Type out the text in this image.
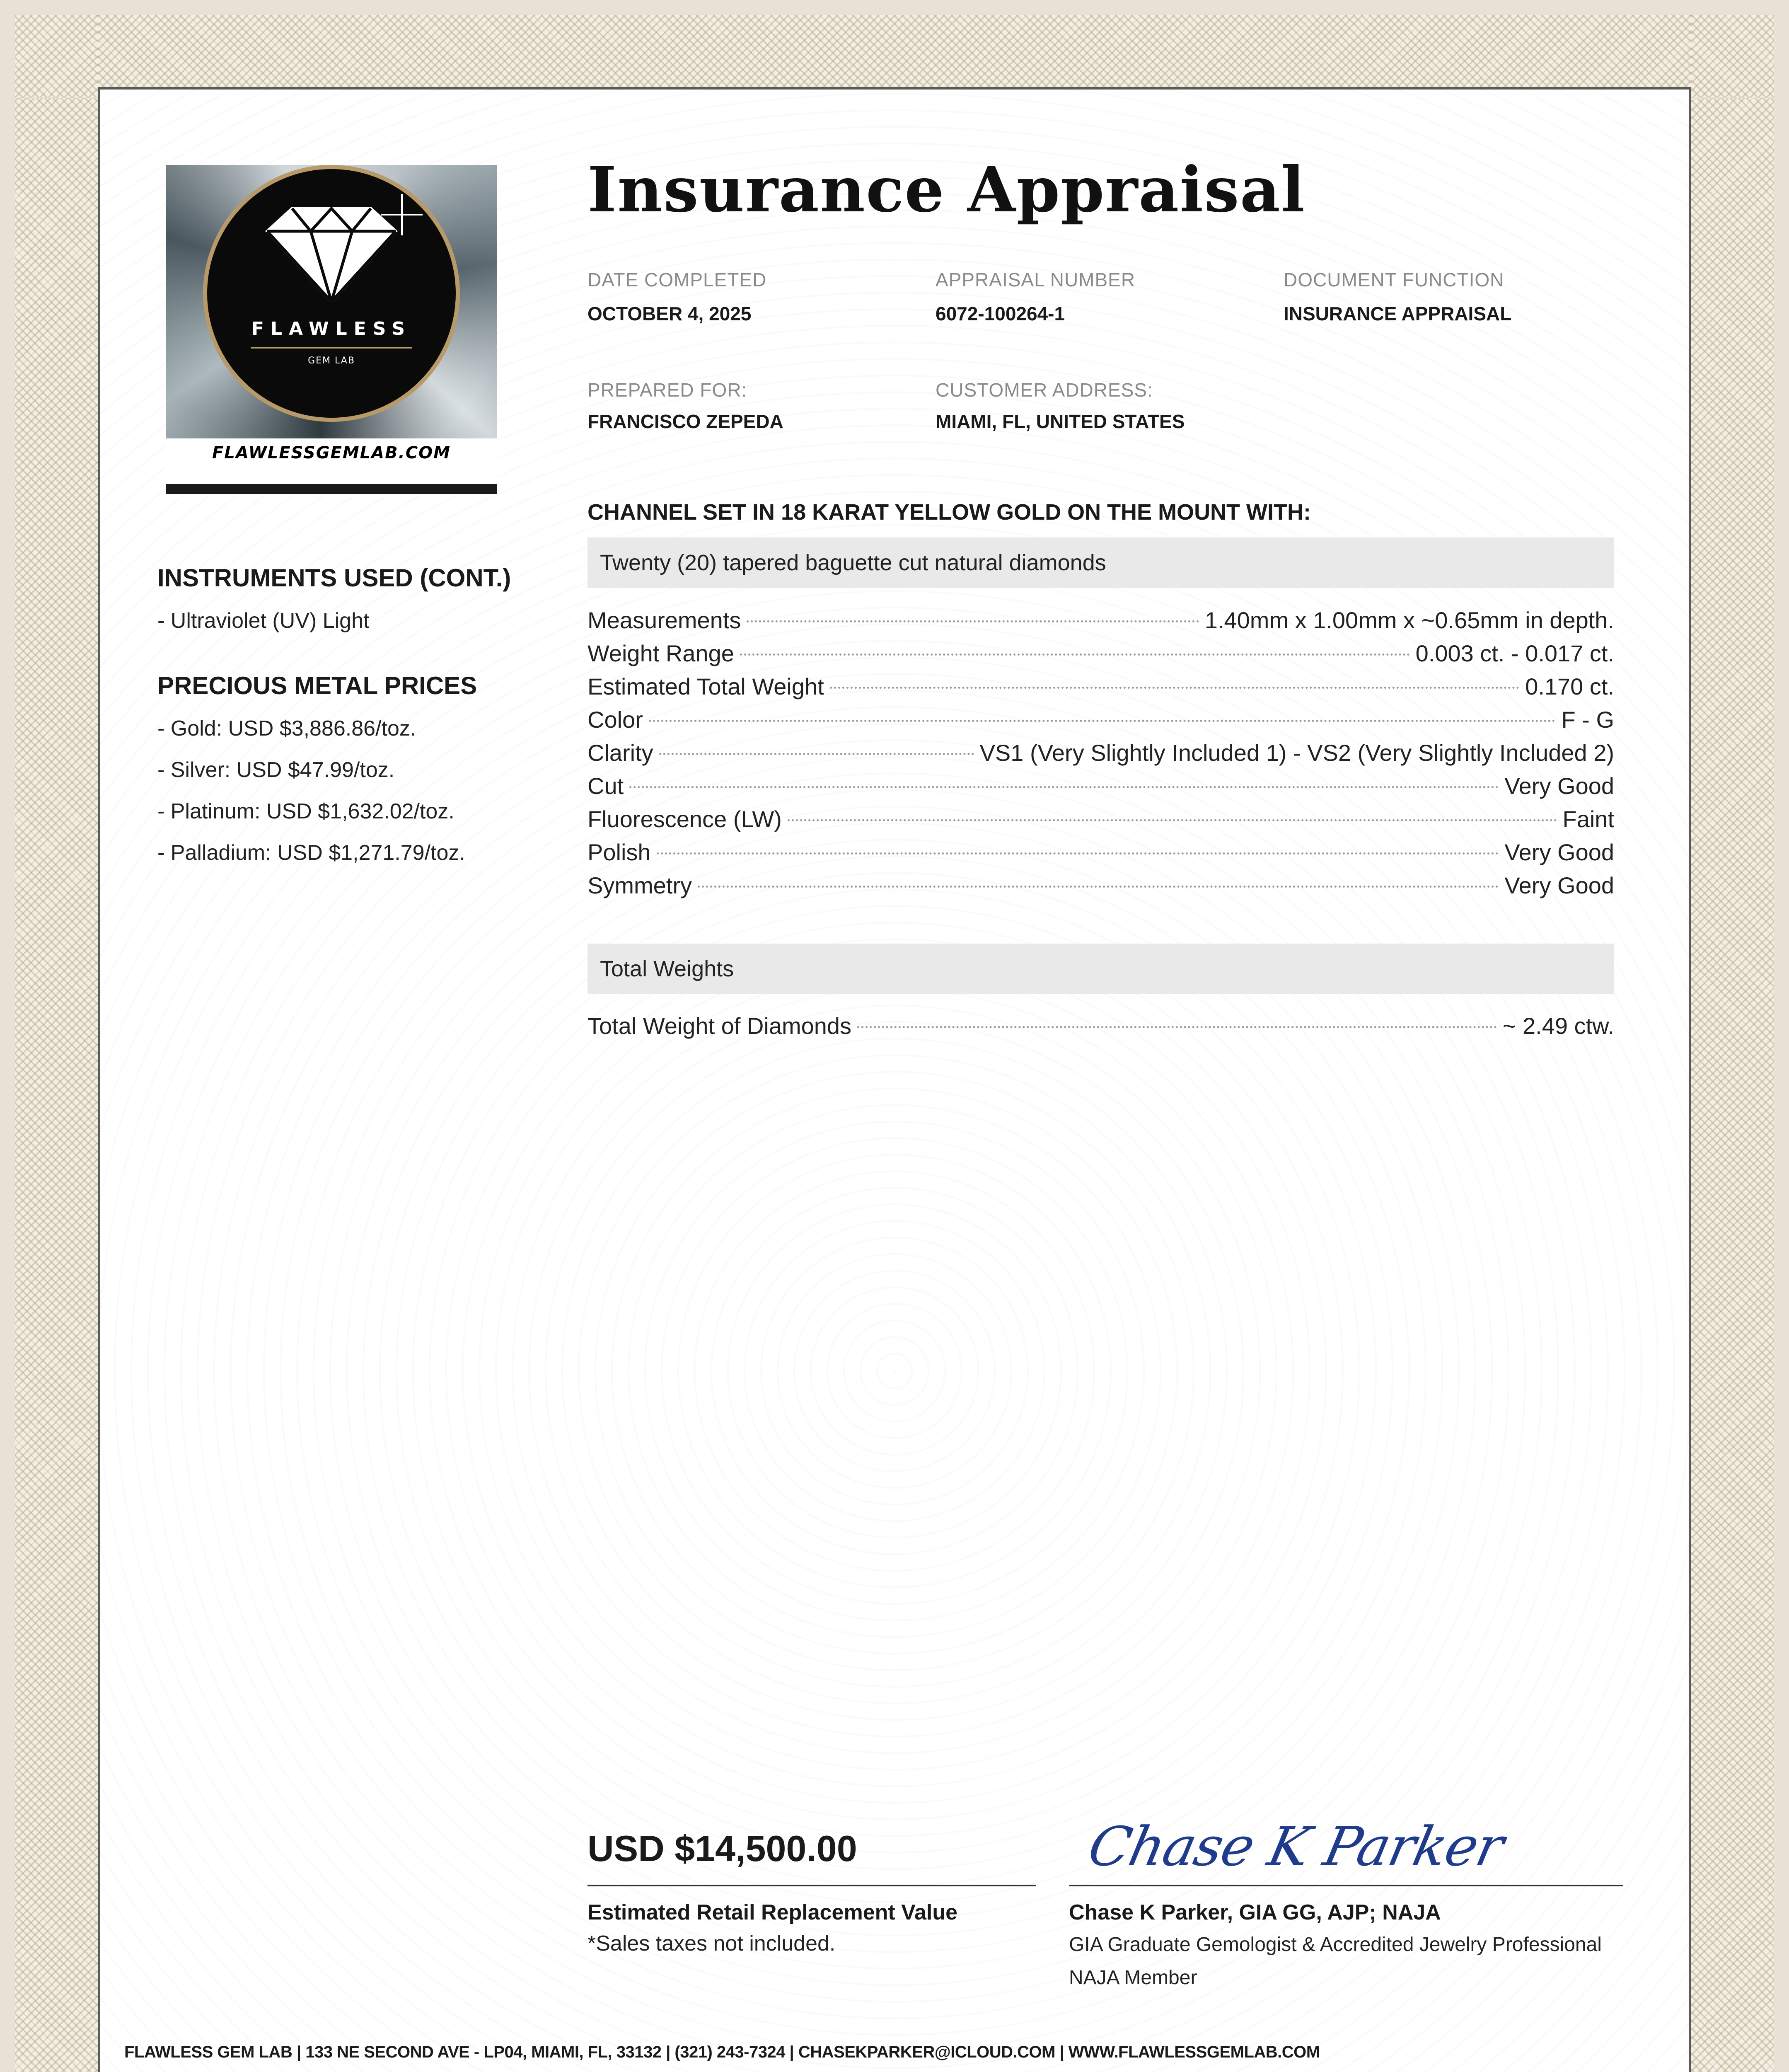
FLAWLESS
GEM LAB
FLAWLESSGEMLAB.COM
Insurance Appraisal
DATE COMPLETED
OCTOBER 4, 2025
APPRAISAL NUMBER
6072-100264-1
DOCUMENT FUNCTION
INSURANCE APPRAISAL
PREPARED FOR:
FRANCISCO ZEPEDA
CUSTOMER ADDRESS:
MIAMI, FL, UNITED STATES
INSTRUMENTS USED (CONT.)
- Ultraviolet (UV) Light
PRECIOUS METAL PRICES
- Gold: USD $3,886.86/toz.
- Silver: USD $47.99/toz.
- Platinum: USD $1,632.02/toz.
- Palladium: USD $1,271.79/toz.
CHANNEL SET IN 18 KARAT YELLOW GOLD ON THE MOUNT WITH:
Twenty (20) tapered baguette cut natural diamonds
Measurements	1.40mm x 1.00mm x ~0.65mm in depth.
Weight Range	0.003 ct. - 0.017 ct.
Estimated Total Weight	0.170 ct.
Color	F - G
Clarity	VS1 (Very Slightly Included 1) - VS2 (Very Slightly Included 2)
Cut	Very Good
Fluorescence (LW)	Faint
Polish	Very Good
Symmetry	Very Good
Total Weights
Total Weight of Diamonds	~ 2.49 ctw.
USD $14,500.00
Estimated Retail Replacement Value
*Sales taxes not included.
Chase K Parker
Chase K Parker, GIA GG, AJP; NAJA
GIA Graduate Gemologist & Accredited Jewelry Professional
NAJA Member
FLAWLESS GEM LAB | 133 NE SECOND AVE - LP04, MIAMI, FL, 33132 | (321) 243-7324 | CHASEKPARKER@ICLOUD.COM | WWW.FLAWLESSGEMLAB.COM
